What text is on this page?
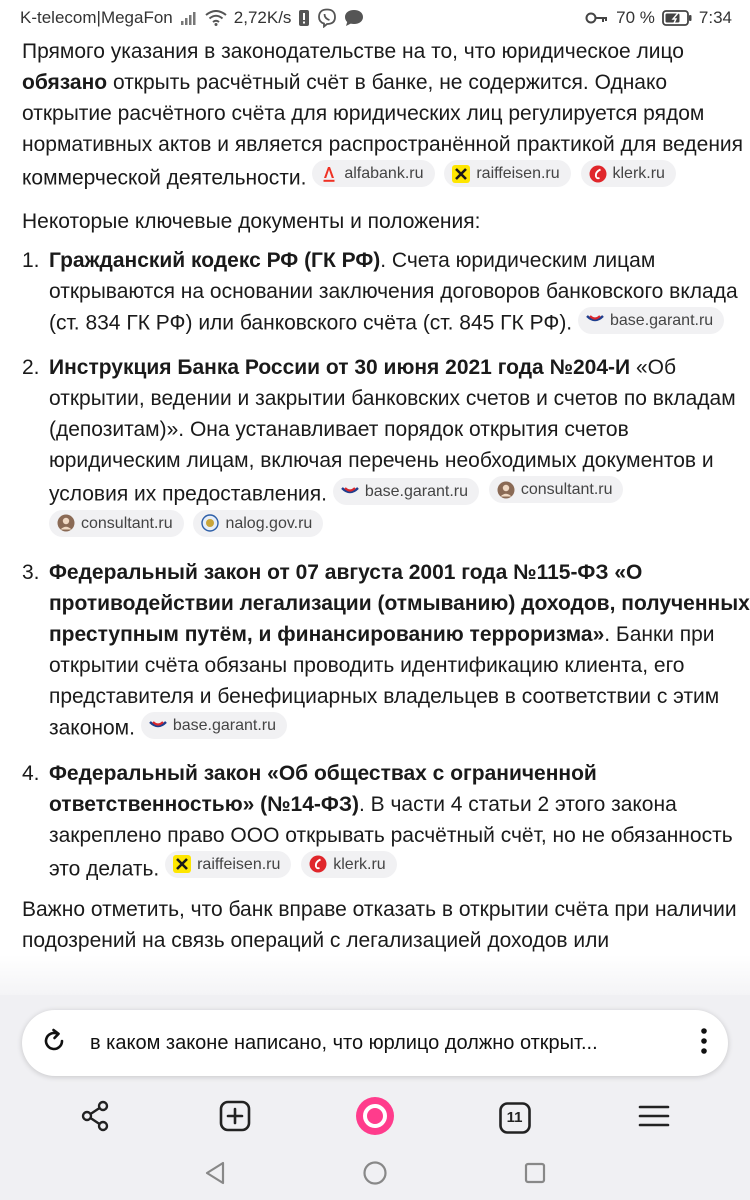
K-telecom|MegaFon	2,72K/s	70 %	7:34

Прямого указания в законодательстве на то, что юридическое лицо обязано открыть расчётный счёт в банке, не содержится. Однако открытие расчётного счёта для юридических лиц регулируется рядом нормативных актов и является распространённой практикой для ведения коммерческой деятельности. alfabank.ru
	raiffeisen.ru
	klerk.ru

Некоторые ключевые документы и положения:

1. Гражданский кодекс РФ (ГК РФ). Счета юридическим лицам открываются на основании заключения договоров банковского вклада (ст. 834 ГК РФ) или банковского счёта (ст. 845 ГК РФ). base.garant.ru
2. Инструкция Банка России от 30 июня 2021 года №204-И «Об открытии, ведении и закрытии банковских счетов и счетов по вкладам (депозитам)». Она устанавливает порядок открытия счетов юридическим лицам, включая перечень необходимых документов и условия их предоставления. base.garant.ru
	consultant.ru

consultant.ru
	nalog.gov.ru
3. Федеральный закон от 07 августа 2001 года №115-ФЗ «О противодействии легализации (отмыванию) доходов, полученных преступным путём, и финансированию терроризма». Банки при открытии счёта обязаны проводить идентификацию клиента, его представителя и бенефициарных владельцев в соответствии с этим законом. base.garant.ru
4. Федеральный закон «Об обществах с ограниченной ответственностью» (№14-ФЗ). В части 4 статьи 2 этого закона закреплено право ООО открывать расчётный счёт, но не обязанность это делать. raiffeisen.ru
	klerk.ru

Важно отметить, что банк вправе отказать в открытии счёта при наличии подозрений на связь операций с легализацией доходов или

в каком законе написано, что юрлицо должно открыт...
11
